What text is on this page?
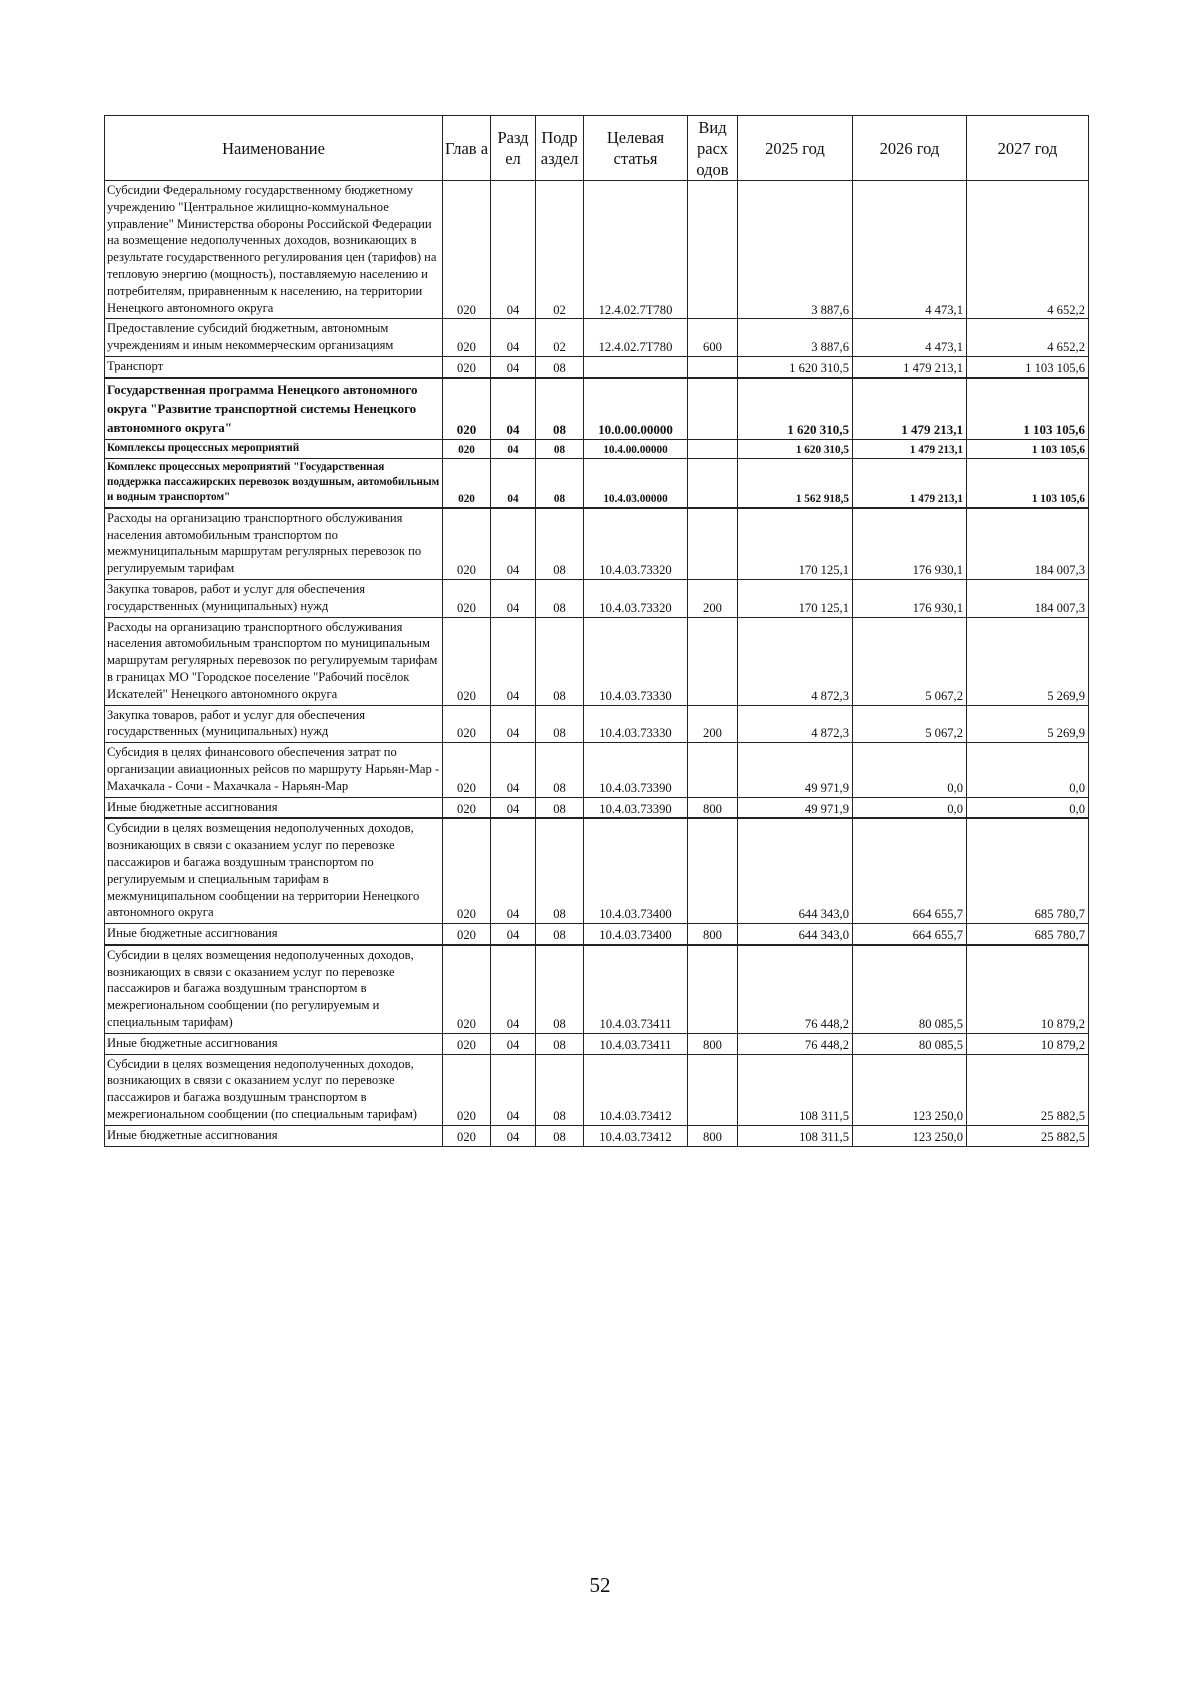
Наименование	Глав а	Разд ел	Подр аздел	Целевая статья	Вид расх одов	2025 год	2026 год	2027 год
Субсидии Федеральному государственному бюджетному учреждению "Центральное жилищно-коммунальное управление" Министерства обороны Российской Федерации на возмещение недополученных доходов, возникающих в результате государственного регулирования цен (тарифов) на тепловую энергию (мощность), поставляемую населению и потребителям, приравненным к населению, на территории Ненецкого автономного округа	020	04	02	12.4.02.7Т780		3 887,6	4 473,1	4 652,2
Предоставление субсидий бюджетным, автономным учреждениям и иным некоммерческим организациям	020	04	02	12.4.02.7Т780	600	3 887,6	4 473,1	4 652,2
Транспорт	020	04	08			1 620 310,5	1 479 213,1	1 103 105,6
Государственная программа Ненецкого автономного округа "Развитие транспортной системы Ненецкого автономного округа"	020	04	08	10.0.00.00000		1 620 310,5	1 479 213,1	1 103 105,6
Комплексы процессных мероприятий	020	04	08	10.4.00.00000		1 620 310,5	1 479 213,1	1 103 105,6
Комплекс процессных мероприятий "Государственная поддержка пассажирских перевозок воздушным, автомобильным и водным транспортом"	020	04	08	10.4.03.00000		1 562 918,5	1 479 213,1	1 103 105,6
Расходы на организацию транспортного обслуживания населения автомобильным транспортом по межмуниципальным маршрутам регулярных перевозок по регулируемым тарифам	020	04	08	10.4.03.73320		170 125,1	176 930,1	184 007,3
Закупка товаров, работ и услуг для обеспечения государственных (муниципальных) нужд	020	04	08	10.4.03.73320	200	170 125,1	176 930,1	184 007,3
Расходы на организацию транспортного обслуживания населения автомобильным транспортом по муниципальным маршрутам регулярных перевозок по регулируемым тарифам в границах МО "Городское поселение "Рабочий посёлок Искателей" Ненецкого автономного округа	020	04	08	10.4.03.73330		4 872,3	5 067,2	5 269,9
Закупка товаров, работ и услуг для обеспечения государственных (муниципальных) нужд	020	04	08	10.4.03.73330	200	4 872,3	5 067,2	5 269,9
Субсидия в целях финансового обеспечения затрат по организации авиационных рейсов по маршруту Нарьян-Мар - Махачкала - Сочи - Махачкала - Нарьян-Мар	020	04	08	10.4.03.73390		49 971,9	0,0	0,0
Иные бюджетные ассигнования	020	04	08	10.4.03.73390	800	49 971,9	0,0	0,0
Субсидии в целях возмещения недополученных доходов, возникающих в связи с оказанием услуг по перевозке пассажиров и багажа воздушным транспортом по регулируемым и специальным тарифам в межмуниципальном сообщении на территории Ненецкого автономного округа	020	04	08	10.4.03.73400		644 343,0	664 655,7	685 780,7
Иные бюджетные ассигнования	020	04	08	10.4.03.73400	800	644 343,0	664 655,7	685 780,7
Субсидии в целях возмещения недополученных доходов, возникающих в связи с оказанием услуг по перевозке пассажиров и багажа воздушным транспортом в межрегиональном сообщении (по регулируемым и специальным тарифам)	020	04	08	10.4.03.73411		76 448,2	80 085,5	10 879,2
Иные бюджетные ассигнования	020	04	08	10.4.03.73411	800	76 448,2	80 085,5	10 879,2
Субсидии в целях возмещения недополученных доходов, возникающих в связи с оказанием услуг по перевозке пассажиров и багажа воздушным транспортом в межрегиональном сообщении (по специальным тарифам)	020	04	08	10.4.03.73412		108 311,5	123 250,0	25 882,5
Иные бюджетные ассигнования	020	04	08	10.4.03.73412	800	108 311,5	123 250,0	25 882,5
52
